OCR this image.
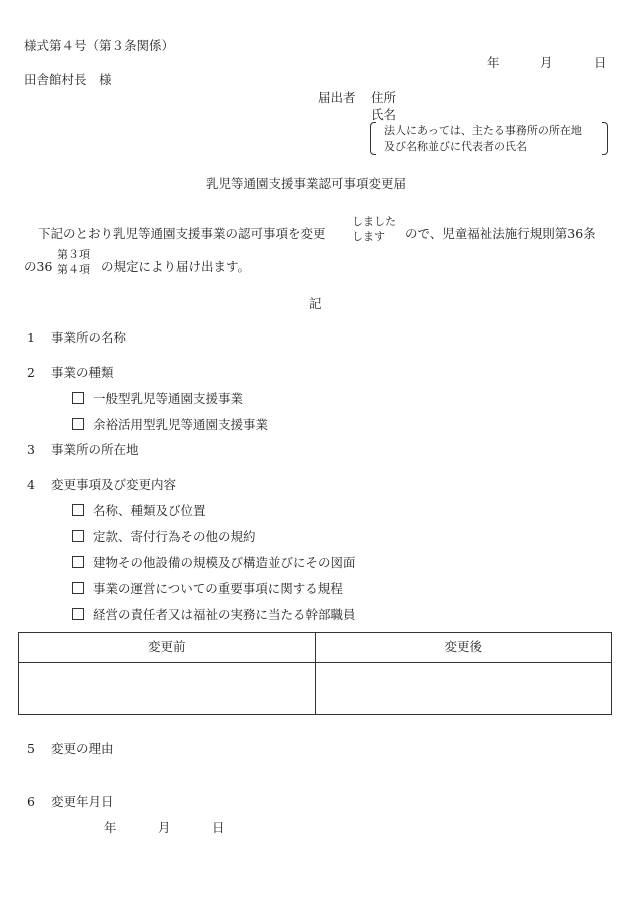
様式第４号（第３条関係）
年	月	日
田舎館村長　様
届出者 住所
氏名
法人にあっては、主たる事務所の所在地
及び名称並びに代表者の氏名
乳児等通園支援事業認可事項変更届
下記のとおり乳児等通園支援事業の認可事項を変更
しました
します ので、児童福祉法施行規則第36条
の36
第３項
第４項 の規定により届け出ます。
記
1 事業所の名称
2 事業の種類
一般型乳児等通園支援事業
余裕活用型乳児等通園支援事業
3 事業所の所在地
4 変更事項及び変更内容
名称、種類及び位置
定款、寄付行為その他の規約
建物その他設備の規模及び構造並びにその図面
事業の運営についての重要事項に関する規程
経営の責任者又は福祉の実務に当たる幹部職員
変更前	変更後

5 変更の理由
6 変更年月日
年	月	日
